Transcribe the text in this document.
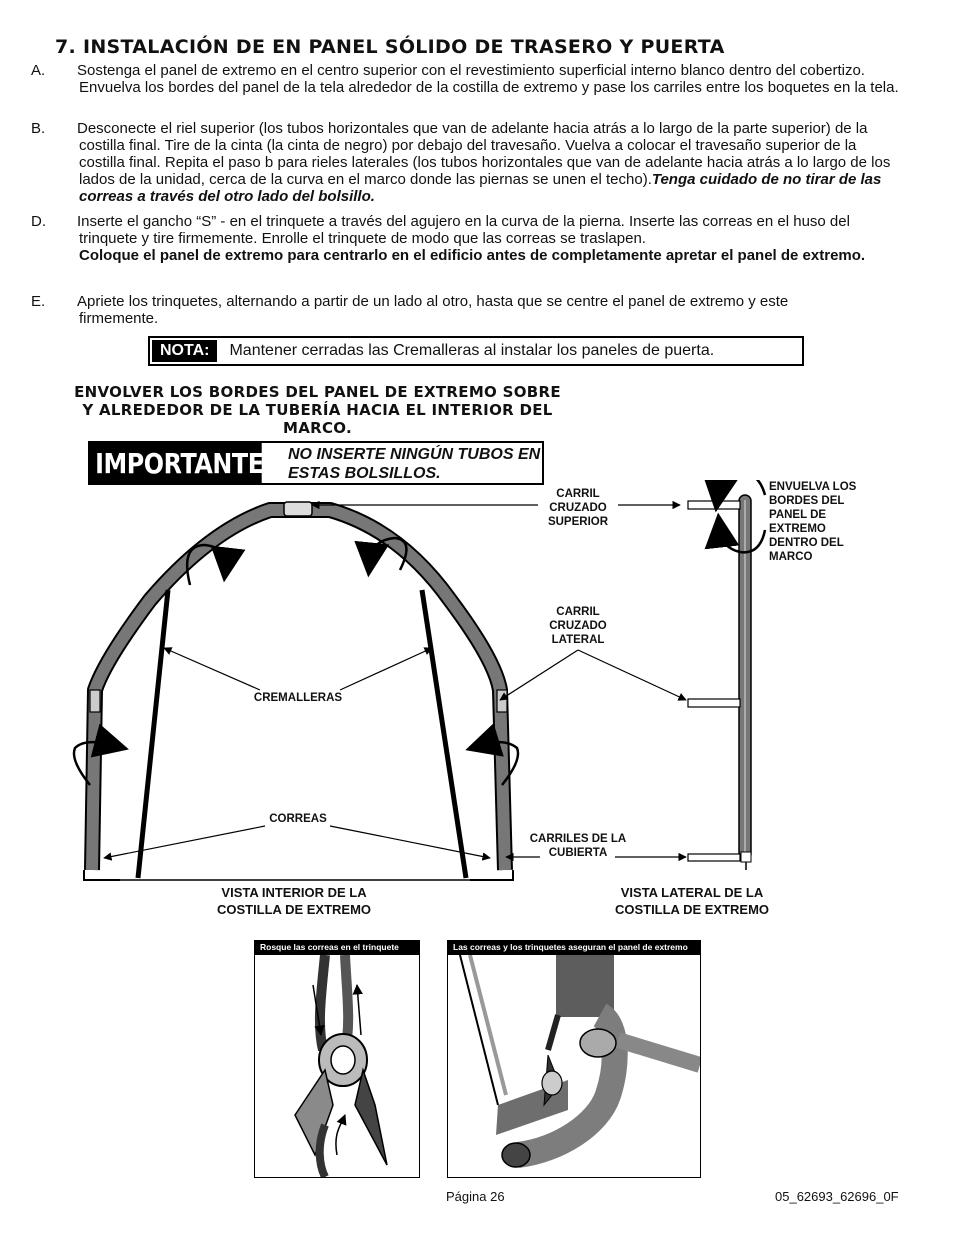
7. INSTALACIÓN DE EN PANEL SÓLIDO DE TRASERO Y PUERTA
A. Sostenga el panel de extremo en el centro superior con el revestimiento superficial interno blanco dentro del cobertizo. Envuelva los bordes del panel de la tela alrededor de la costilla de extremo y pase los carriles entre los boquetes en la tela.
B. Desconecte el riel superior (los tubos horizontales que van de adelante hacia atrás a lo largo de la parte superior) de la costilla final. Tire de la cinta (la cinta de negro) por debajo del travesaño. Vuelva a colocar el travesaño superior de la costilla final. Repita el paso b para rieles laterales (los tubos horizontales que van de adelante hacia atrás a lo largo de los lados de la unidad, cerca de la curva en el marco donde las piernas se unen el techo).Tenga cuidado de no tirar de las correas a través del otro lado del bolsillo.
D. Inserte el gancho “S” - en el trinquete a través del agujero en la curva de la pierna. Inserte las correas en el huso del trinquete y tire firmemente. Enrolle el trinquete de modo que las correas se traslapen.
Coloque el panel de extremo para centrarlo en el edificio antes de completamente apretar el panel de extremo.
E. Apriete los trinquetes, alternando a partir de un lado al otro, hasta que se centre el panel de extremo y este firmemente.
NOTA:	Mantener cerradas las Cremalleras al instalar los paneles de puerta.
ENVOLVER LOS BORDES DEL PANEL DE EXTREMO SOBRE Y ALREDEDOR DE LA TUBERÍA HACIA EL INTERIOR DEL MARCO.
IMPORTANTE! NO INSERTE NINGÚN TUBOS EN ESTAS BOLSILLOS.
CARRIL CRUZADO SUPERIOR
CARRIL CRUZADO LATERAL
CARRILES DE LA CUBIERTA
CREMALLERAS
CORREAS
ENVUELVA LOS BORDES DEL PANEL DE EXTREMO DENTRO DEL MARCO
VISTA INTERIOR DE LA COSTILLA DE EXTREMO
VISTA LATERAL DE LA COSTILLA DE EXTREMO
Rosque las correas en el trinquete	Las correas y los trinquetes aseguran el panel de extremo
Página 26	05_62693_62696_0F
